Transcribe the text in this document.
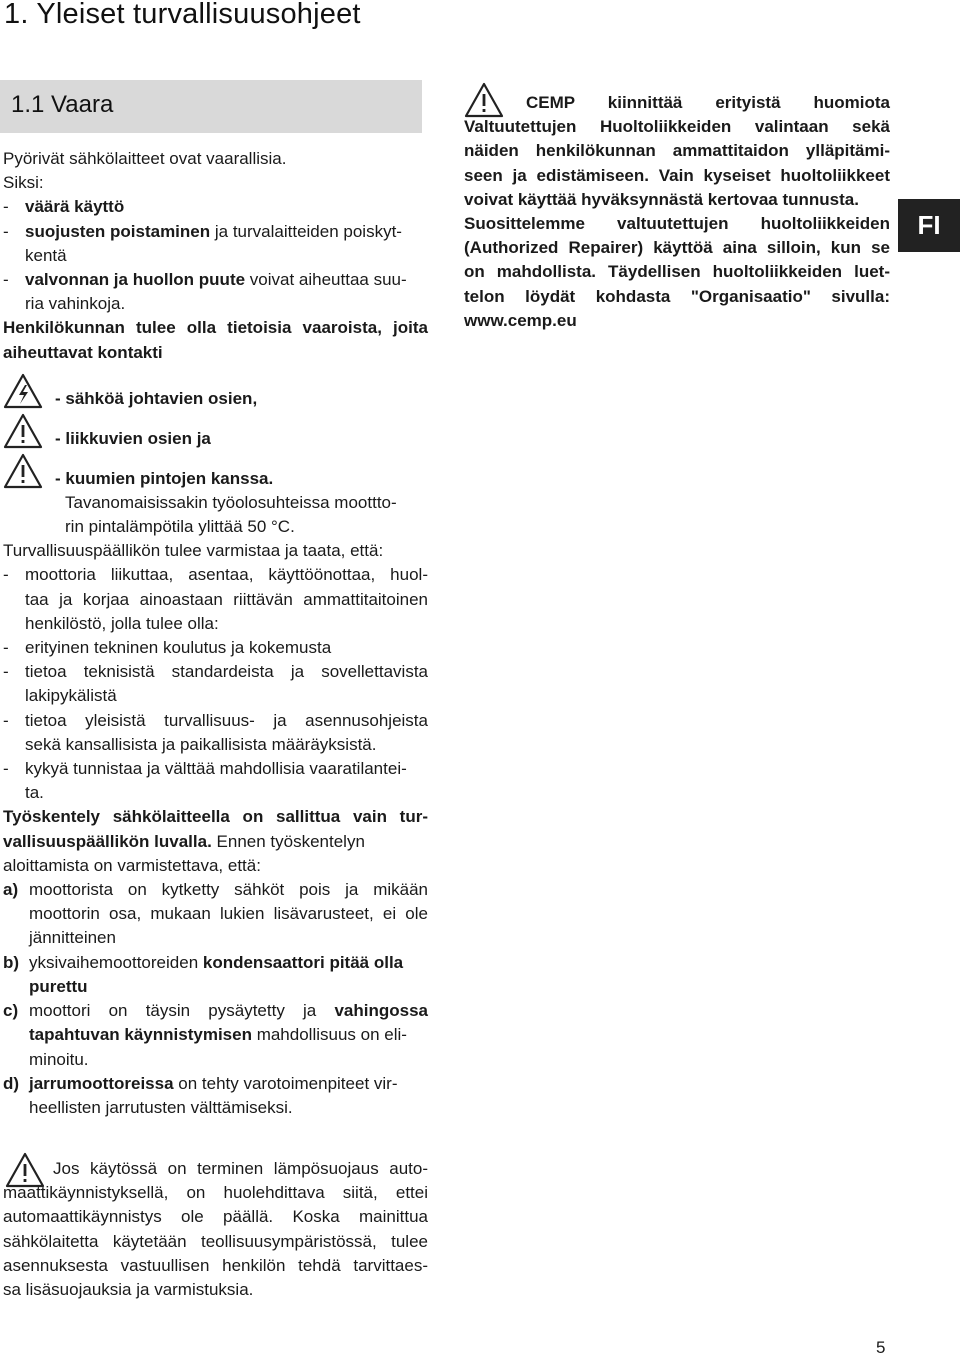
1. Yleiset turvallisuusohjeet
1.1 Vaara
Pyörivät sähkölaitteet ovat vaarallisia.
Siksi:
- väärä käyttö
- suojusten poistaminen ja turvalaitteiden poiskyt-
kentä
- valvonnan ja huollon puute voivat aiheuttaa suu-
ria vahinkoja.
Henkilökunnan tulee olla tietoisia vaaroista, joita
aiheuttavat kontakti
- sähköä johtavien osien,
- liikkuvien osien ja
- kuumien pintojen kanssa.
Tavanomaisissakin työolosuhteissa moottto-
rin pintalämpötila ylittää 50 °C.
Turvallisuuspäällikön tulee varmistaa ja taata, että:
- moottoria liikuttaa, asentaa, käyttöönottaa, huol-
taa ja korjaa ainoastaan riittävän ammattitaitoinen
henkilöstö, jolla tulee olla:
- erityinen tekninen koulutus ja kokemusta
- tietoa teknisistä standardeista ja sovellettavista
lakipykälistä
- tietoa yleisistä turvallisuus- ja asennusohjeista
sekä kansallisista ja paikallisista määräyksistä.
- kykyä tunnistaa ja välttää mahdollisia vaaratilantei-
ta.
Työskentely sähkölaitteella on sallittua vain tur-
vallisuuspäällikön luvalla. Ennen työskentelyn
aloittamista on varmistettava, että:
a) moottorista on kytketty sähköt pois ja mikään
moottorin osa, mukaan lukien lisävarusteet, ei ole
jännitteinen
b) yksivaihemoottoreiden kondensaattori pitää olla
purettu
c) moottori on täysin pysäytetty ja vahingossa
tapahtuvan käynnistymisen mahdollisuus on eli-
minoitu.
d) jarrumoottoreissa on tehty varotoimenpiteet vir-
heellisten jarrutusten välttämiseksi.

CEMP kiinnittää erityistä huomiota

Valtuutettujen Huoltoliikkeiden valintaan sekä

näiden henkilökunnan ammattitaidon ylläpitämi-

seen ja edistämiseen. Vain kyseiset huoltoliikkeet

voivat käyttää hyväksynnästä kertovaa tunnusta.

Suosittelemme valtuutettujen huoltoliikkeiden

(Authorized Repairer) käyttöä aina silloin, kun se

on mahdollista. Täydellisen huoltoliikkeiden luet-

telon löydät kohdasta "Organisaatio" sivulla:

www.cemp.eu

FI
Jos käytössä on terminen lämpösuojaus auto-
maattikäynnistyksellä, on huolehdittava siitä, ettei
automaattikäynnistys ole päällä. Koska mainittua
sähkölaitetta käytetään teollisuusympäristössä, tulee
asennuksesta vastuullisen henkilön tehdä tarvittaes-
sa lisäsuojauksia ja varmistuksia.
5
